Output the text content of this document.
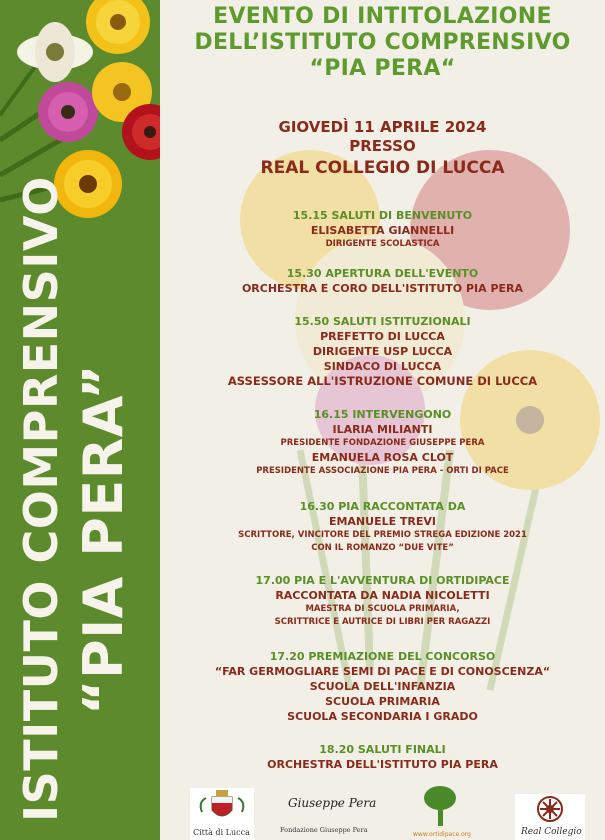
ISTITUTO COMPRENSIVO “PIA PERA”
EVENTO DI INTITOLAZIONE
DELL’ISTITUTO COMPRENSIVO
“PIA PERA“
GIOVEDÌ 11 APRILE 2024
PRESSO
REAL COLLEGIO DI LUCCA
15.15 SALUTI DI BENVENUTO
ELISABETTA GIANNELLI
DIRIGENTE SCOLASTICA
15.30 APERTURA DELL'EVENTO
ORCHESTRA E CORO DELL'ISTITUTO PIA PERA
15.50 SALUTI ISTITUZIONALI
PREFETTO DI LUCCA
DIRIGENTE USP LUCCA
SINDACO DI LUCCA
ASSESSORE ALL'ISTRUZIONE COMUNE DI LUCCA
16.15 INTERVENGONO
ILARIA MILIANTI
PRESIDENTE FONDAZIONE GIUSEPPE PERA
EMANUELA ROSA CLOT
PRESIDENTE ASSOCIAZIONE PIA PERA - ORTI DI PACE
16.30 PIA RACCONTATA DA
EMANUELE TREVI
SCRITTORE, VINCITORE DEL PREMIO STREGA EDIZIONE 2021
CON IL ROMANZO “DUE VITE”
17.00 PIA E L'AVVENTURA DI ORTIDIPACE
RACCONTATA DA NADIA NICOLETTI
MAESTRA DI SCUOLA PRIMARIA,
SCRITTRICE E AUTRICE DI LIBRI PER RAGAZZI
17.20 PREMIAZIONE DEL CONCORSO
“FAR GERMOGLIARE SEMI DI PACE E DI CONOSCENZA“
SCUOLA DELL'INFANZIA
SCUOLA PRIMARIA
SCUOLA SECONDARIA I GRADO
18.20 SALUTI FINALI
ORCHESTRA DELL'ISTITUTO PIA PERA
Città di Lucca
Giuseppe Pera
Fondazione Giuseppe Pera
www.ortidipace.org	Real Collegio
